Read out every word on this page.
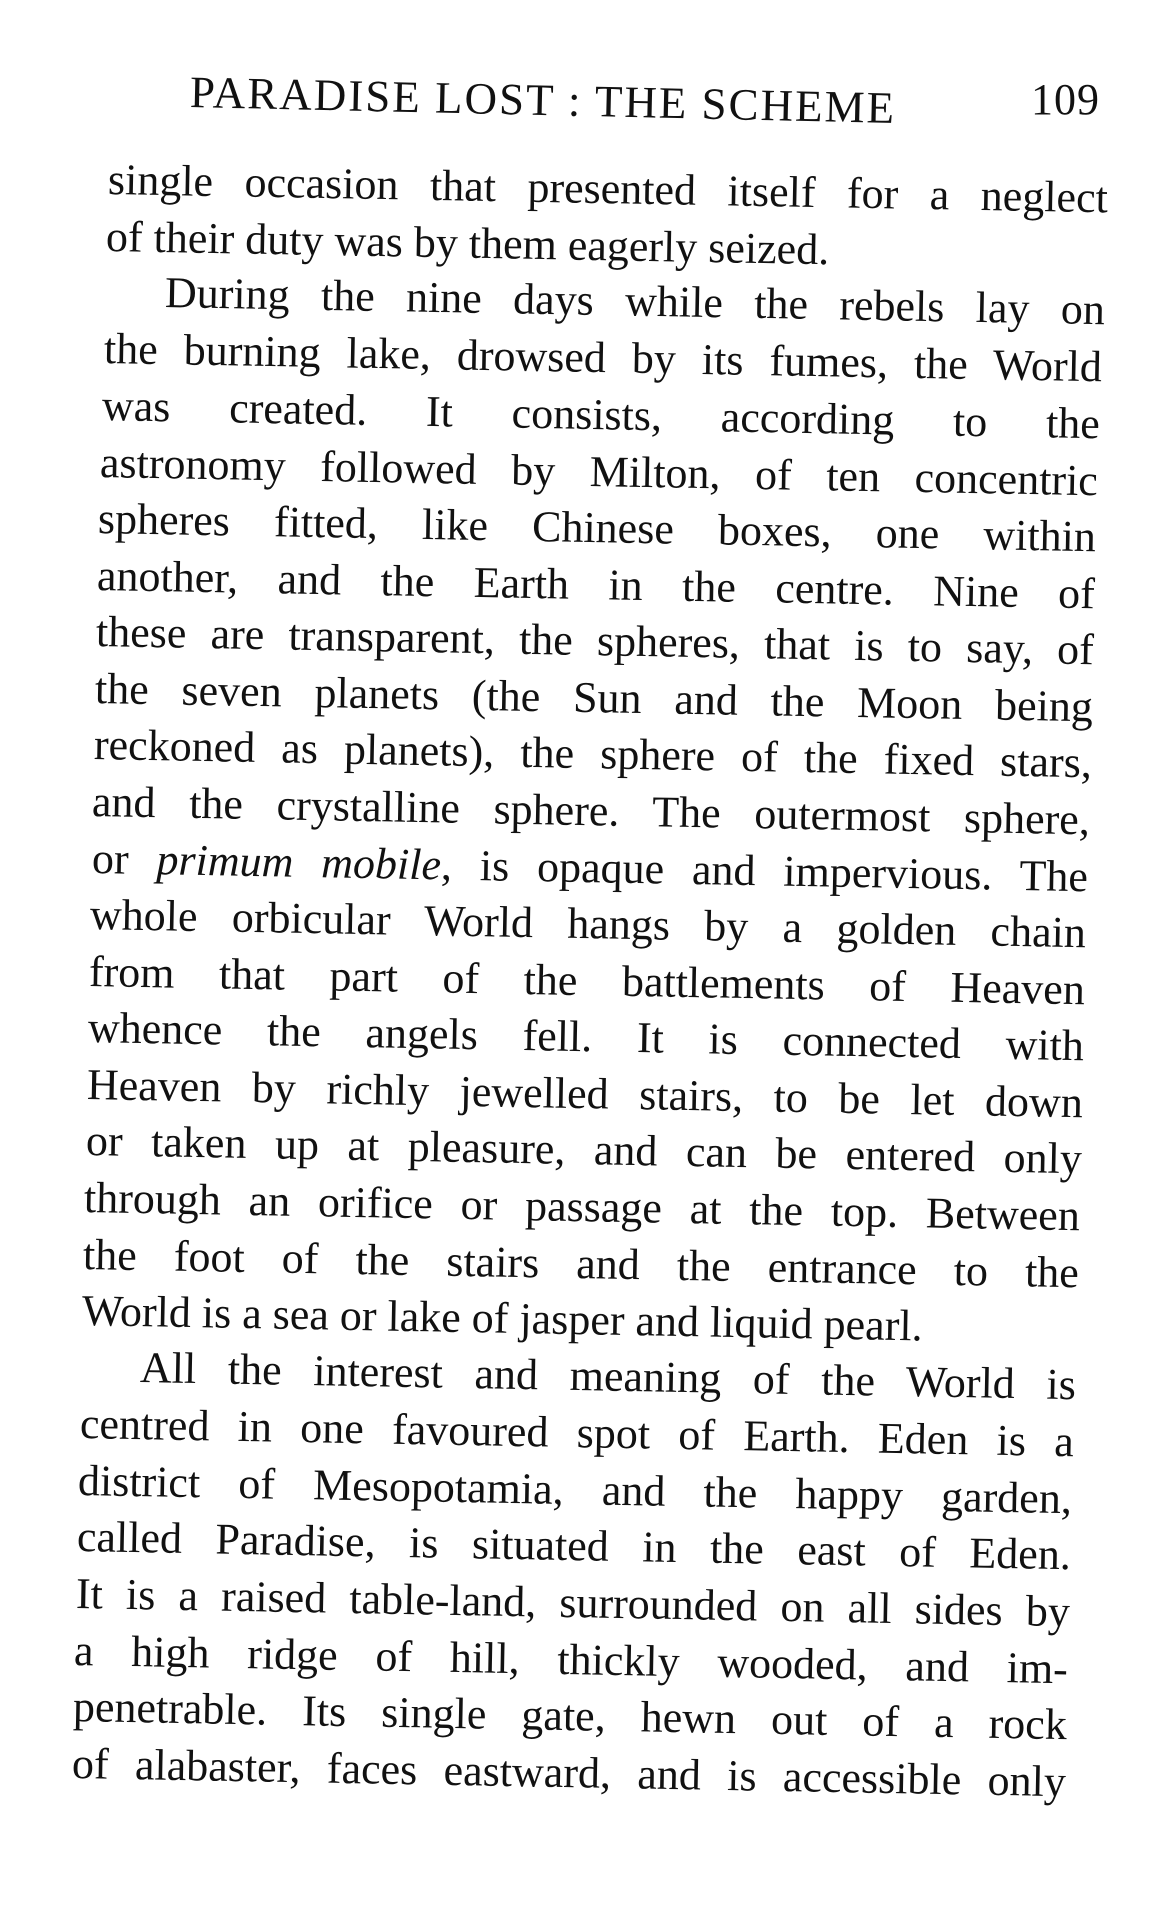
PARADISE LOST : THE SCHEME	109
single occasion that presented itself for a neglect
of their duty was by them eagerly seized.
During the nine days while the rebels lay on
the burning lake, drowsed by its fumes, the World
was created. It consists, according to the
astronomy followed by Milton, of ten concentric
spheres fitted, like Chinese boxes, one within
another, and the Earth in the centre. Nine of
these are transparent, the spheres, that is to say, of
the seven planets (the Sun and the Moon being
reckoned as planets), the sphere of the fixed stars,
and the crystalline sphere. The outermost sphere,
or primum mobile, is opaque and impervious. The
whole orbicular World hangs by a golden chain
from that part of the battlements of Heaven
whence the angels fell. It is connected with
Heaven by richly jewelled stairs, to be let down
or taken up at pleasure, and can be entered only
through an orifice or passage at the top. Between
the foot of the stairs and the entrance to the
World is a sea or lake of jasper and liquid pearl.
All the interest and meaning of the World is
centred in one favoured spot of Earth. Eden is a
district of Mesopotamia, and the happy garden,
called Paradise, is situated in the east of Eden.
It is a raised table-land, surrounded on all sides by
a high ridge of hill, thickly wooded, and im-
penetrable. Its single gate, hewn out of a rock
of alabaster, faces eastward, and is accessible only
